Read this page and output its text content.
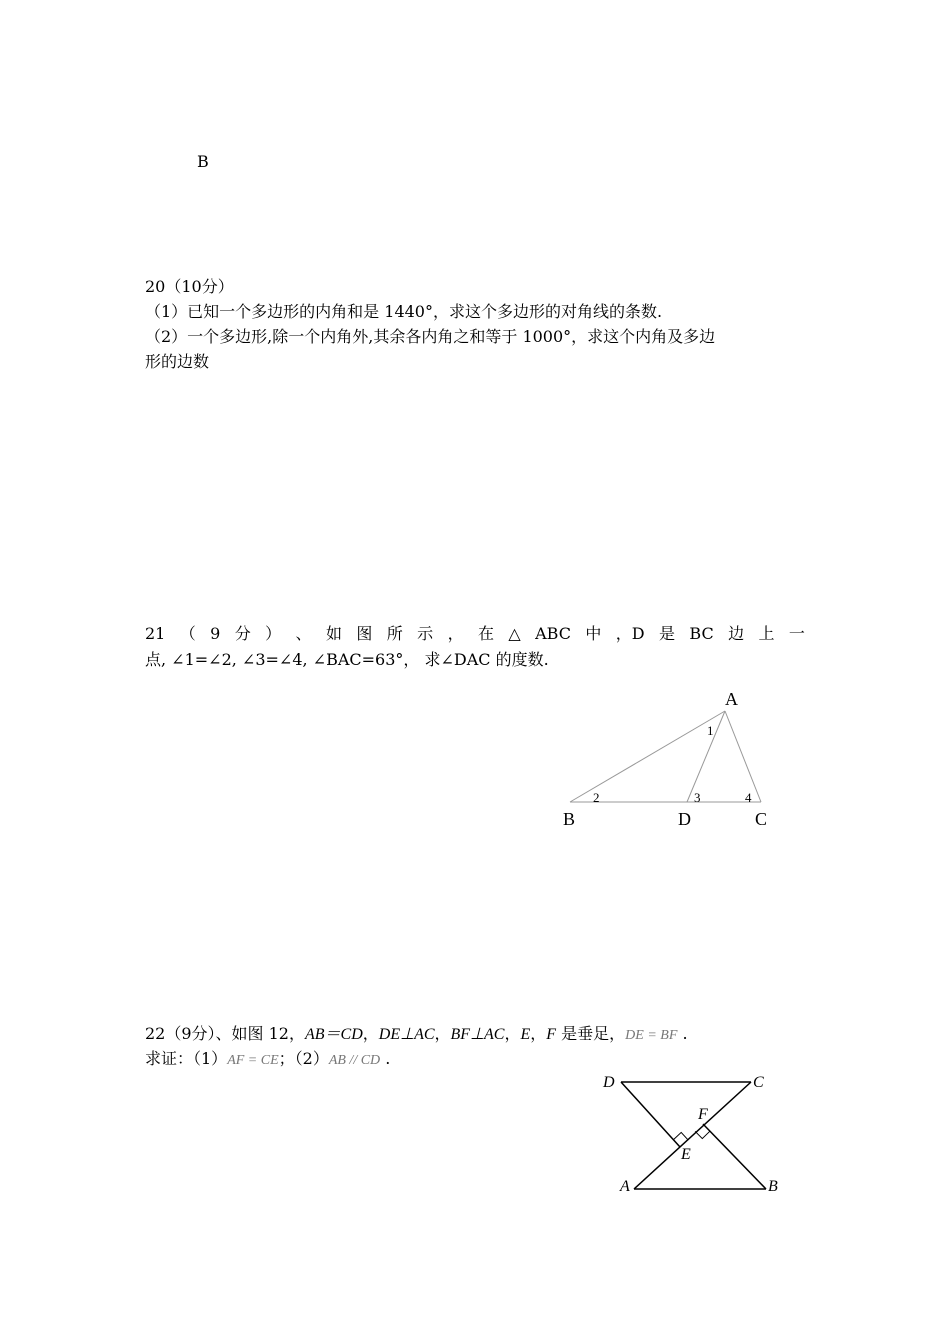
B
20（10分）
（1）已知一个多边形的内角和是 1440°，求这个多边形的对角线的条数.
（2）一个多边形,除一个内角外,其余各内角之和等于 1000°，求这个内角及多边
形的边数
21 （ 9 分 ） 、 如 图 所 示 ， 在 △ ABC 中 ，D 是 BC 边 上 一
点, ∠1=∠2, ∠3=∠4, ∠BAC=63°， 求∠DAC 的度数.
A
B	D	C
1
2	3	4
22（9分）、如图 12，AB＝CD，DE⊥AC，BF⊥AC，E，F 是垂足，DE = BF .
求证：（1）AF = CE；（2）AB // CD .
D	C
F
E
A	B
